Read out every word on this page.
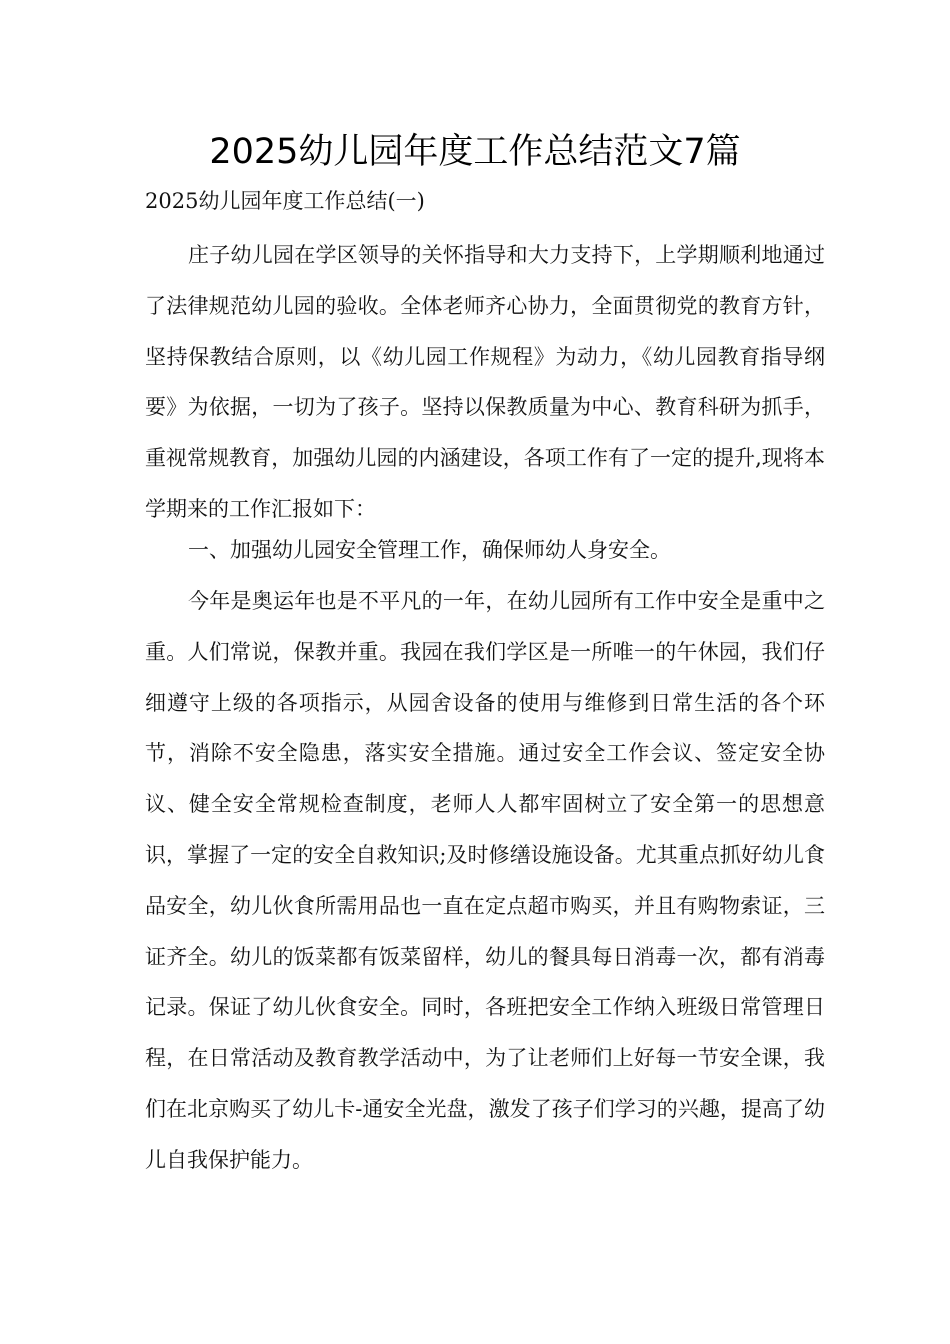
2025幼儿园年度工作总结范文7篇
2025幼儿园年度工作总结(一)

庄子幼儿园在学区领导的关怀指导和大力支持下，上学期顺利地通过了法律规范幼儿园的验收。全体老师齐心协力，全面贯彻党的教育方针，坚持保教结合原则，以《幼儿园工作规程》为动力，《幼儿园教育指导纲要》为依据，一切为了孩子。坚持以保教质量为中心、教育科研为抓手，重视常规教育，加强幼儿园的内涵建设，各项工作有了一定的提升,现将本学期来的工作汇报如下：

一、加强幼儿园安全管理工作，确保师幼人身安全。

今年是奥运年也是不平凡的一年，在幼儿园所有工作中安全是重中之重。人们常说，保教并重。我园在我们学区是一所唯一的午休园，我们仔细遵守上级的各项指示，从园舍设备的使用与维修到日常生活的各个环节，消除不安全隐患，落实安全措施。通过安全工作会议、签定安全协议、健全安全常规检查制度，老师人人都牢固树立了安全第一的思想意识，掌握了一定的安全自救知识;及时修缮设施设备。尤其重点抓好幼儿食品安全，幼儿伙食所需用品也一直在定点超市购买，并且有购物索证，三证齐全。幼儿的饭菜都有饭菜留样，幼儿的餐具每日消毒一次，都有消毒记录。保证了幼儿伙食安全。同时，各班把安全工作纳入班级日常管理日程，在日常活动及教育教学活动中，为了让老师们上好每一节安全课，我们在北京购买了幼儿卡-通安全光盘，激发了孩子们学习的兴趣，提高了幼儿自我保护能力。
